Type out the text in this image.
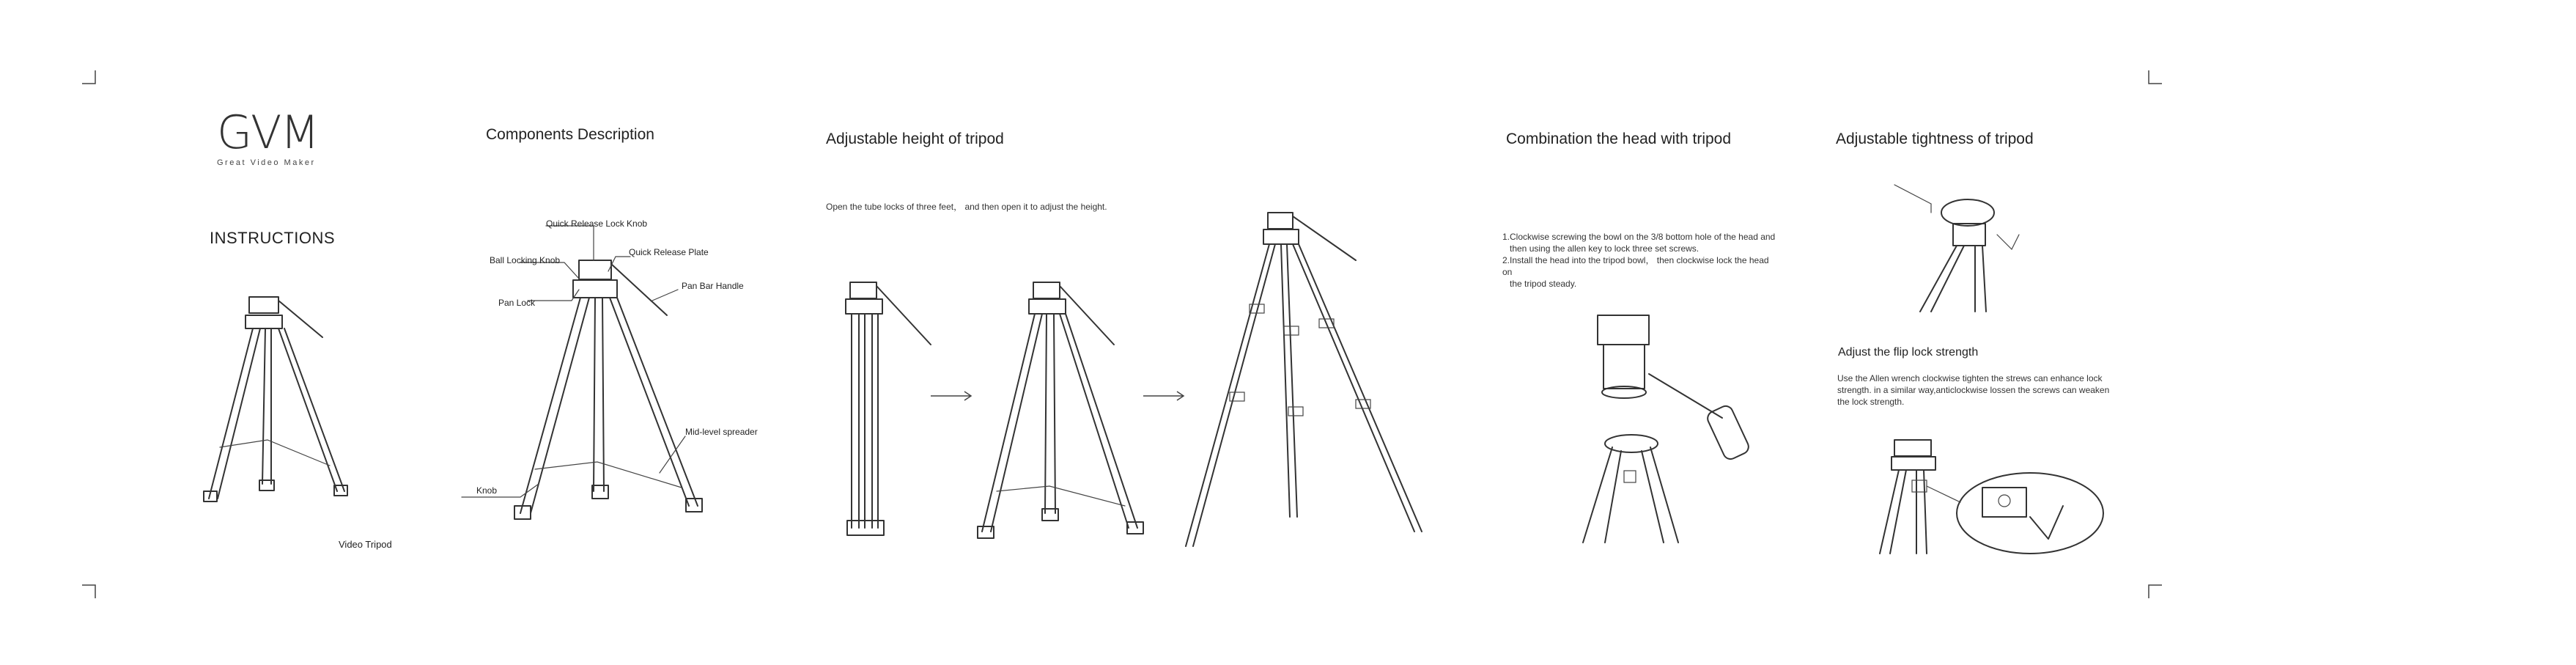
GVM
Great Video Maker
INSTRUCTIONS
Video Tripod
Components Description
Quick Release Lock Knob
Quick Release Plate
Ball Locking Knob
Pan Bar Handle
Pan Lock
Mid-level spreader
Knob
Adjustable height of tripod
Open the tube locks of three feet， and then open it to adjust the height.
Combination the head with tripod
1.Clockwise screwing the bowl on the 3/8 bottom hole of the head and
then using the allen key to lock three set screws.
2.Install the head into the tripod bowl， then clockwise lock the head on
the tripod steady.
Adjustable tightness of tripod
Adjust the flip lock strength
Use the Allen wrench clockwise tighten the strews can enhance lock
strength. in a similar way,anticlockwise lossen the screws can weaken
the lock strength.
